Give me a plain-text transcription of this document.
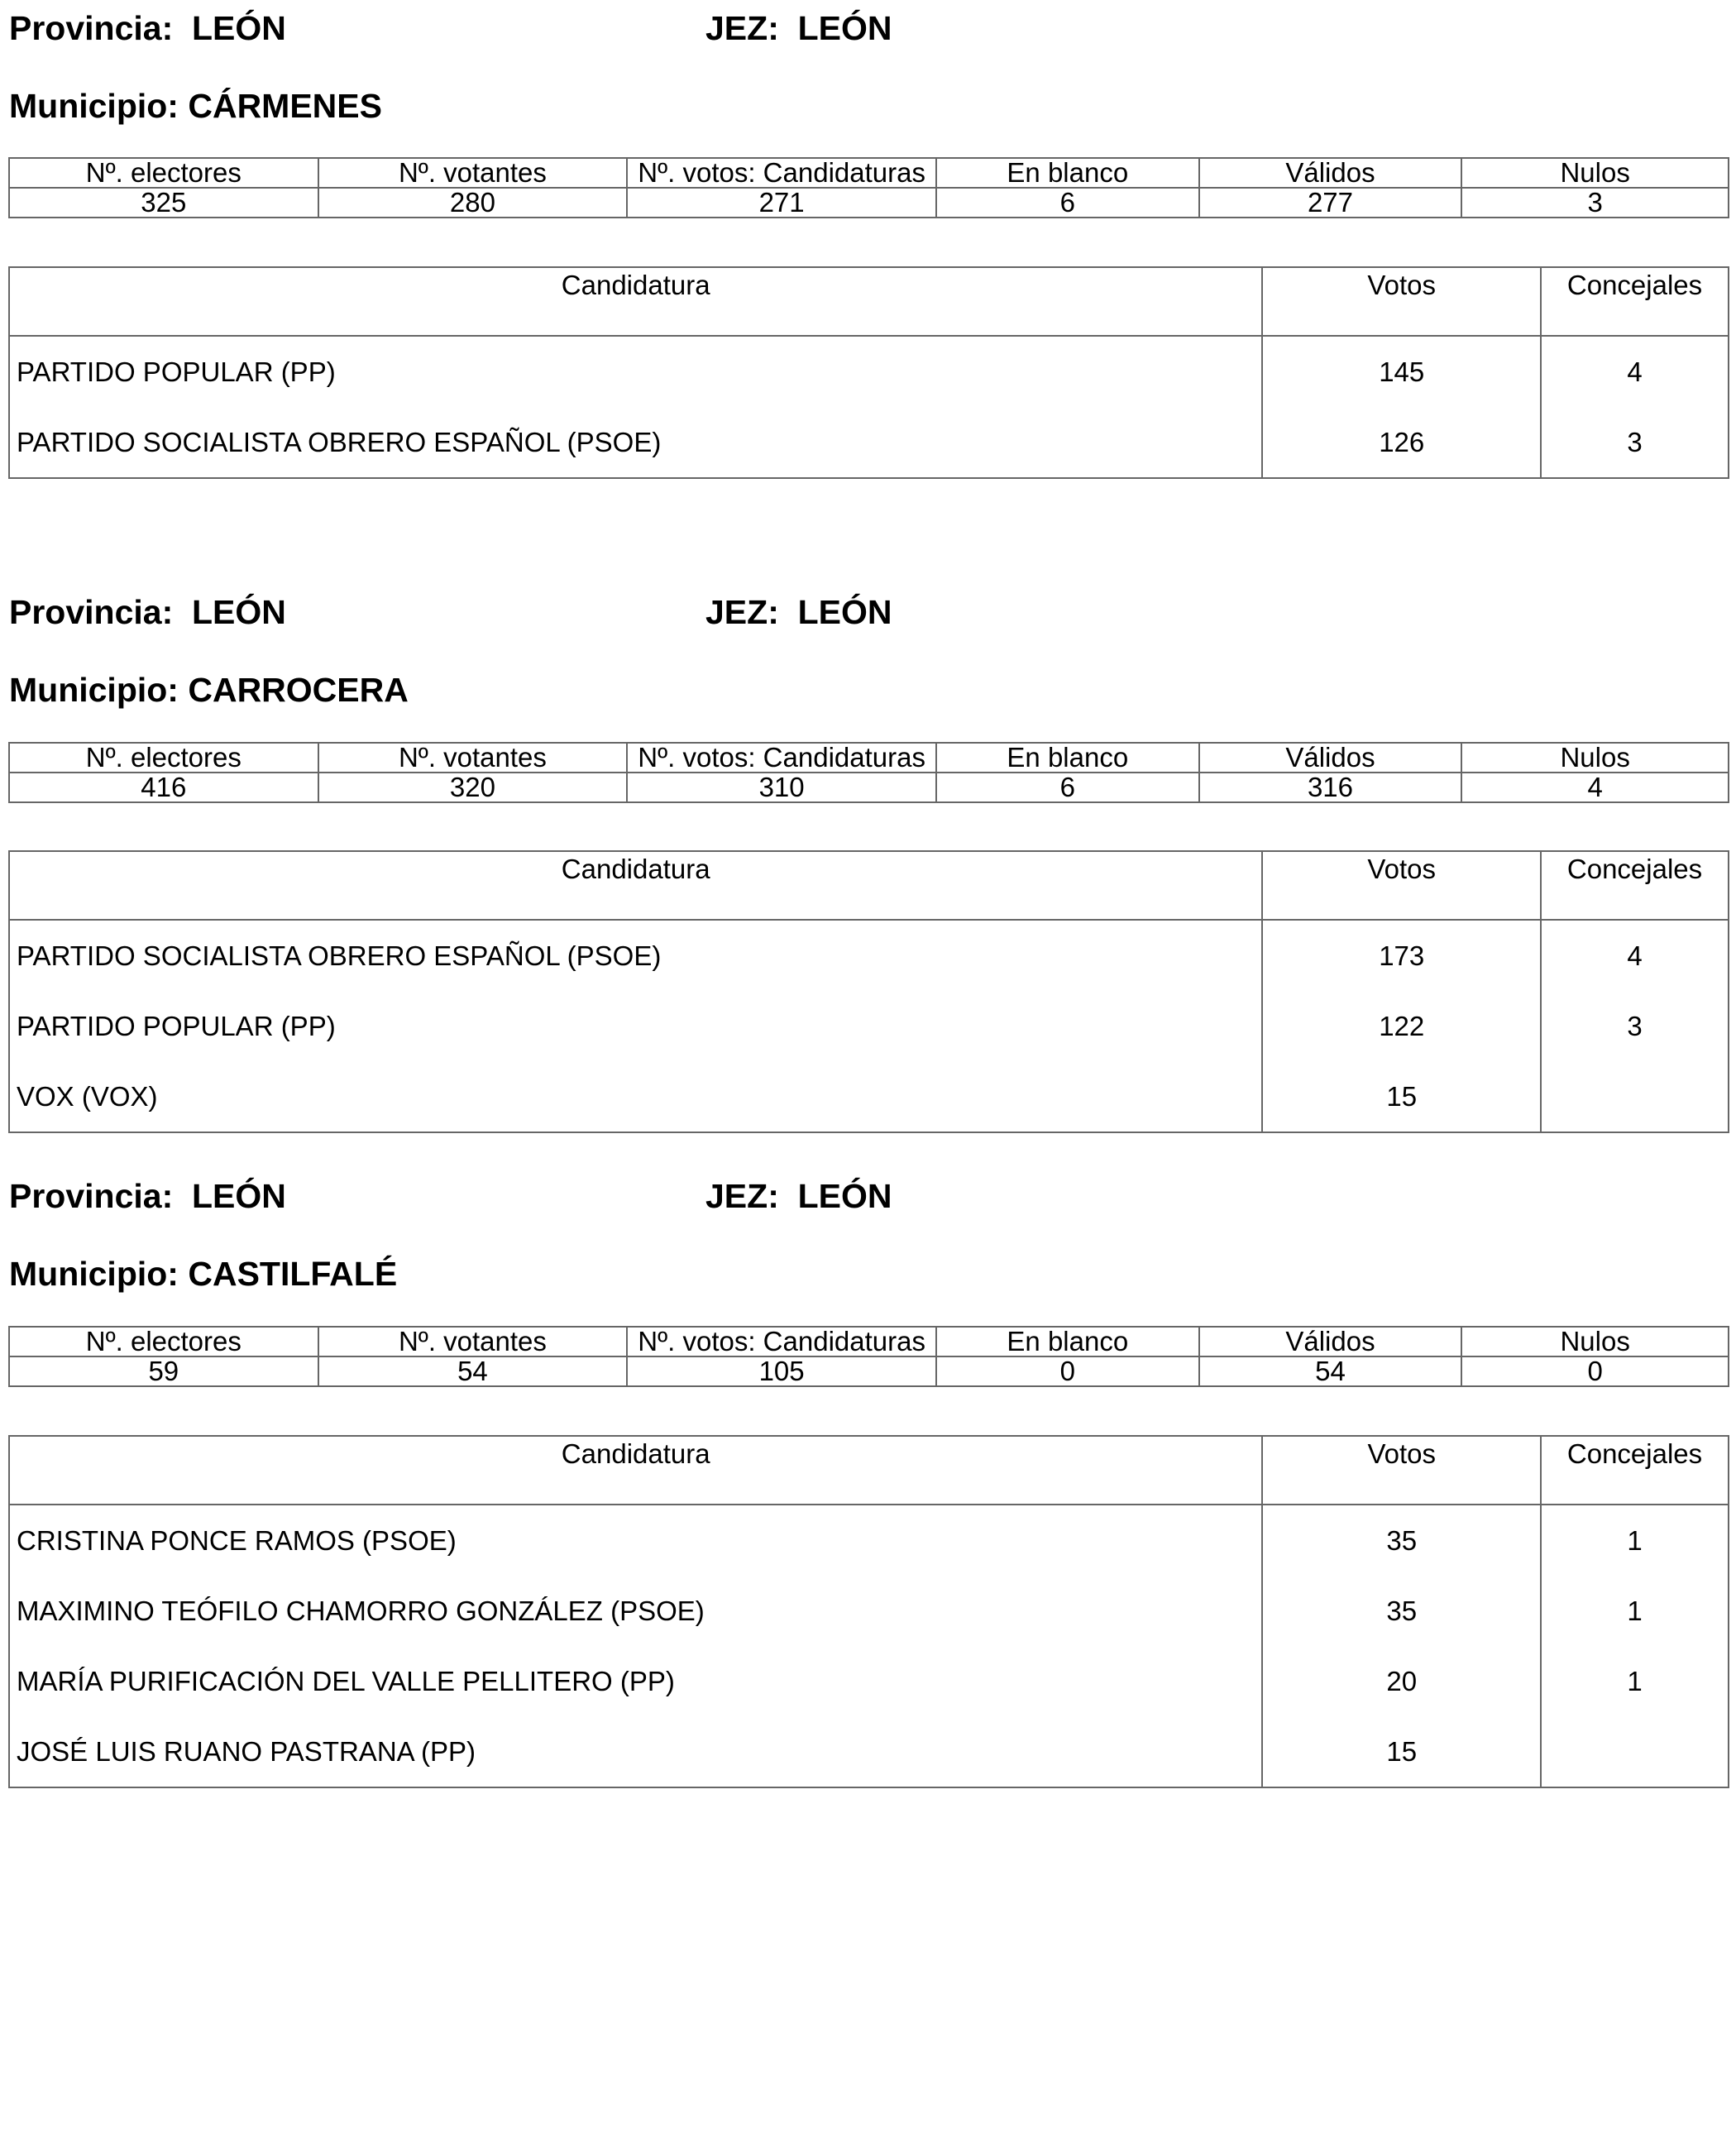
Provincia:  LEÓN	JEZ:  LEÓN
Municipio: CÁRMENES
Nº. electores	Nº. votantes	Nº. votos: Candidaturas	En blanco	Válidos	Nulos
325	280	271	6	277	3
Candidatura	Votos	Concejales
PARTIDO POPULAR (PP)	145	4
PARTIDO SOCIALISTA OBRERO ESPAÑOL (PSOE)	126	3
Provincia:  LEÓN	JEZ:  LEÓN
Municipio: CARROCERA
Nº. electores	Nº. votantes	Nº. votos: Candidaturas	En blanco	Válidos	Nulos
416	320	310	6	316	4
Candidatura	Votos	Concejales
PARTIDO SOCIALISTA OBRERO ESPAÑOL (PSOE)	173	4
PARTIDO POPULAR (PP)	122	3
VOX (VOX)	15	
Provincia:  LEÓN	JEZ:  LEÓN
Municipio: CASTILFALÉ
Nº. electores	Nº. votantes	Nº. votos: Candidaturas	En blanco	Válidos	Nulos
59	54	105	0	54	0
Candidatura	Votos	Concejales
CRISTINA PONCE RAMOS (PSOE)	35	1
MAXIMINO TEÓFILO CHAMORRO GONZÁLEZ (PSOE)	35	1
MARÍA PURIFICACIÓN DEL VALLE PELLITERO (PP)	20	1
JOSÉ LUIS RUANO PASTRANA (PP)	15	
